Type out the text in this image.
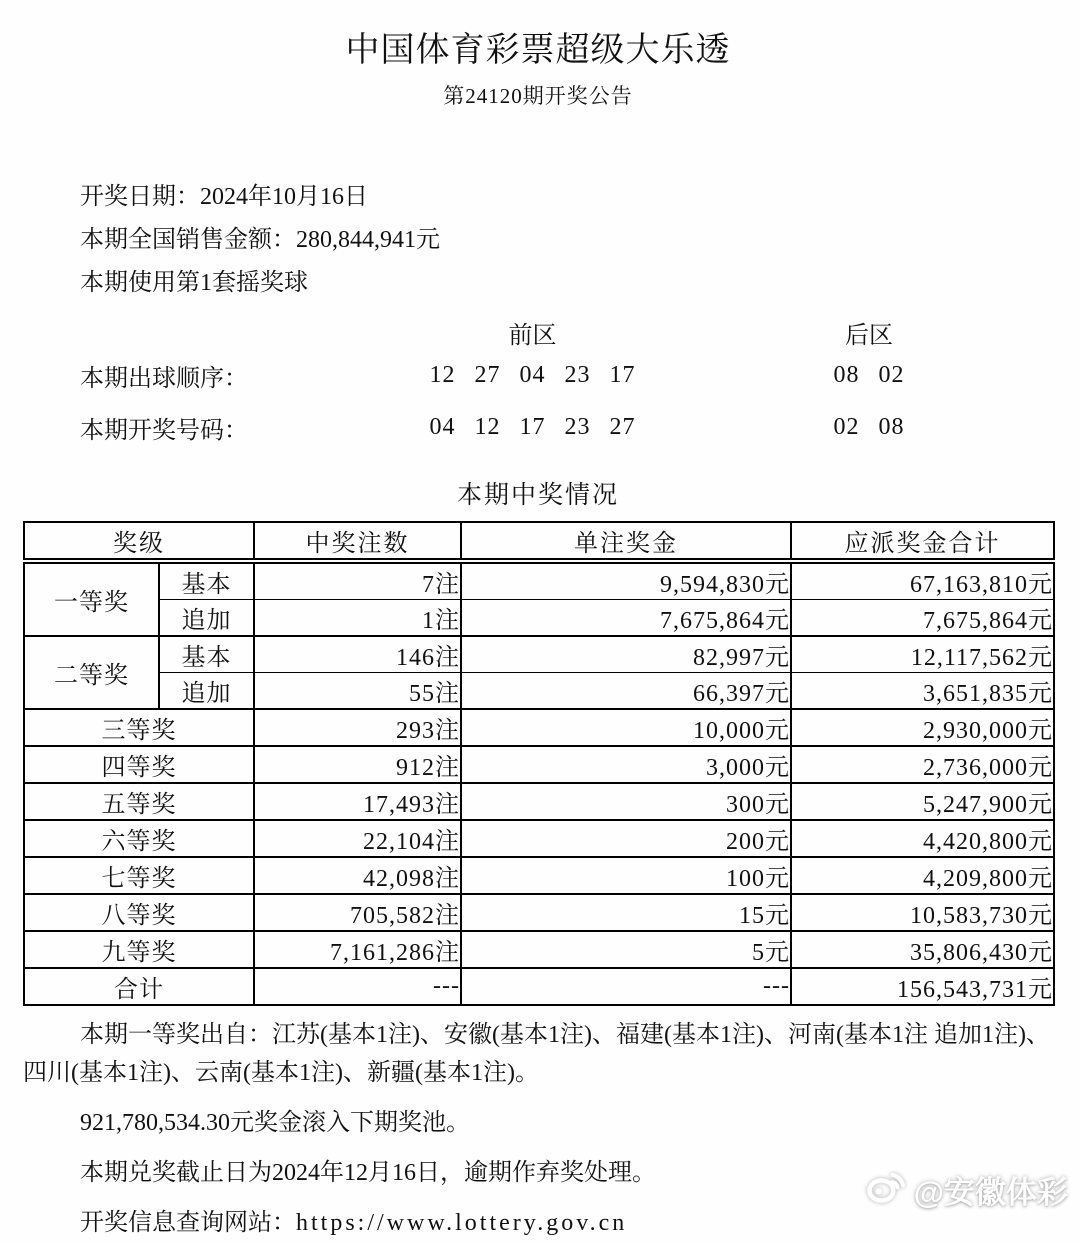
中国体育彩票超级大乐透
第24120期开奖公告
开奖日期：2024年10月16日
本期全国销售金额：280,844,941元
本期使用第1套摇奖球
前区	后区
本期出球顺序：	12 27 04 23 17	08 02
本期开奖号码：	04 12 17 23 27	02 08
本期中奖情况
奖级		中奖注数	单注奖金	应派奖金合计
一等奖	基本	7注	9,594,830元	67,163,810元
	追加	1注	7,675,864元	7,675,864元
二等奖	基本	146注	82,997元	12,117,562元
	追加	55注	66,397元	3,651,835元
三等奖		293注	10,000元	2,930,000元
四等奖		912注	3,000元	2,736,000元
五等奖		17,493注	300元	5,247,900元
六等奖		22,104注	200元	4,420,800元
七等奖		42,098注	100元	4,209,800元
八等奖		705,582注	15元	10,583,730元
九等奖		7,161,286注	5元	35,806,430元
合计		---	---	156,543,731元

本期一等奖出自：江苏(基本1注)、安徽(基本1注)、福建(基本1注)、河南(基本1注 追加1注)、四川(基本1注)、云南(基本1注)、新疆(基本1注)。

921,780,534.30元奖金滚入下期奖池。

本期兑奖截止日为2024年12月16日，逾期作弃奖处理。

开奖信息查询网站：https://www.lottery.gov.cn

@安徽体彩
